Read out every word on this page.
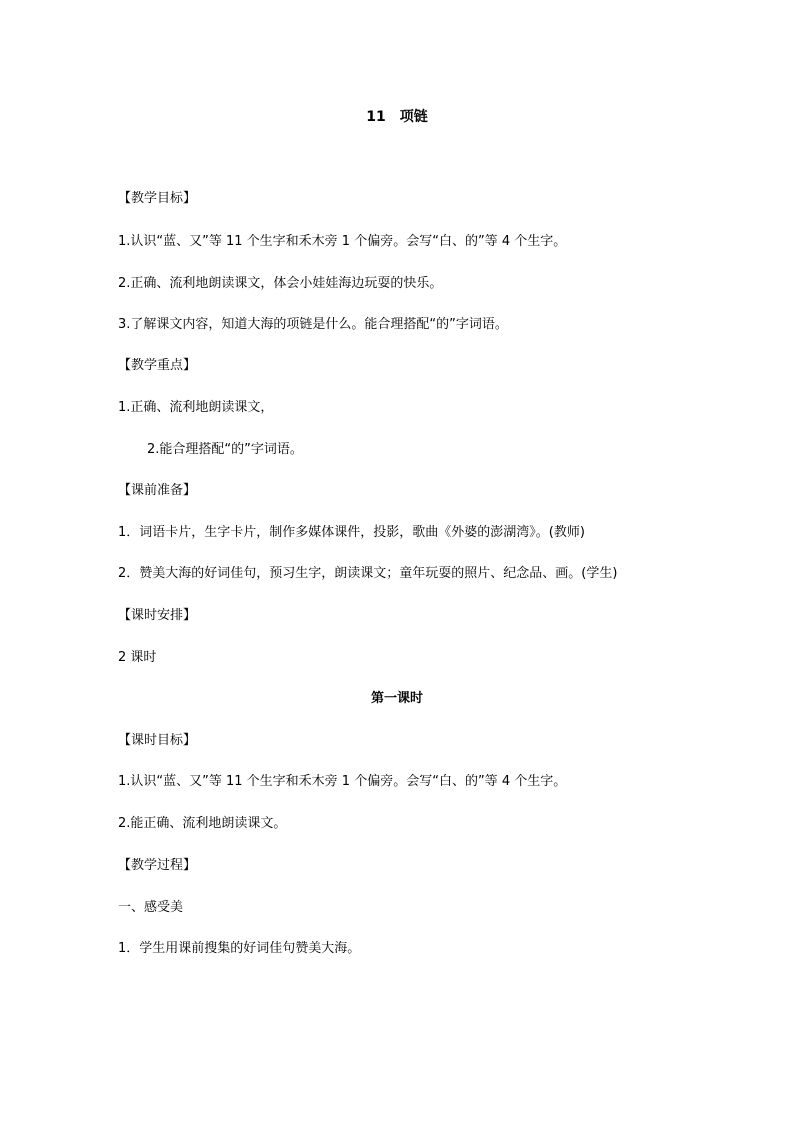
11　项链
【教学目标】
1.认识“蓝、又”等 11 个生字和禾木旁 1 个偏旁。会写“白、的”等 4 个生字。
2.正确、流利地朗读课文，体会小娃娃海边玩耍的快乐。
3.了解课文内容，知道大海的项链是什么。能合理搭配“的”字词语。
【教学重点】
1.正确、流利地朗读课文，
2.能合理搭配“的”字词语。
【课前准备】
1．词语卡片，生字卡片，制作多媒体课件，投影，歌曲《外婆的澎湖湾》。(教师)
2．赞美大海的好词佳句，预习生字，朗读课文；童年玩耍的照片、纪念品、画。(学生)
【课时安排】
2 课时
第一课时
【课时目标】
1.认识“蓝、又”等 11 个生字和禾木旁 1 个偏旁。会写“白、的”等 4 个生字。
2.能正确、流利地朗读课文。
【教学过程】
一、感受美
1．学生用课前搜集的好词佳句赞美大海。
